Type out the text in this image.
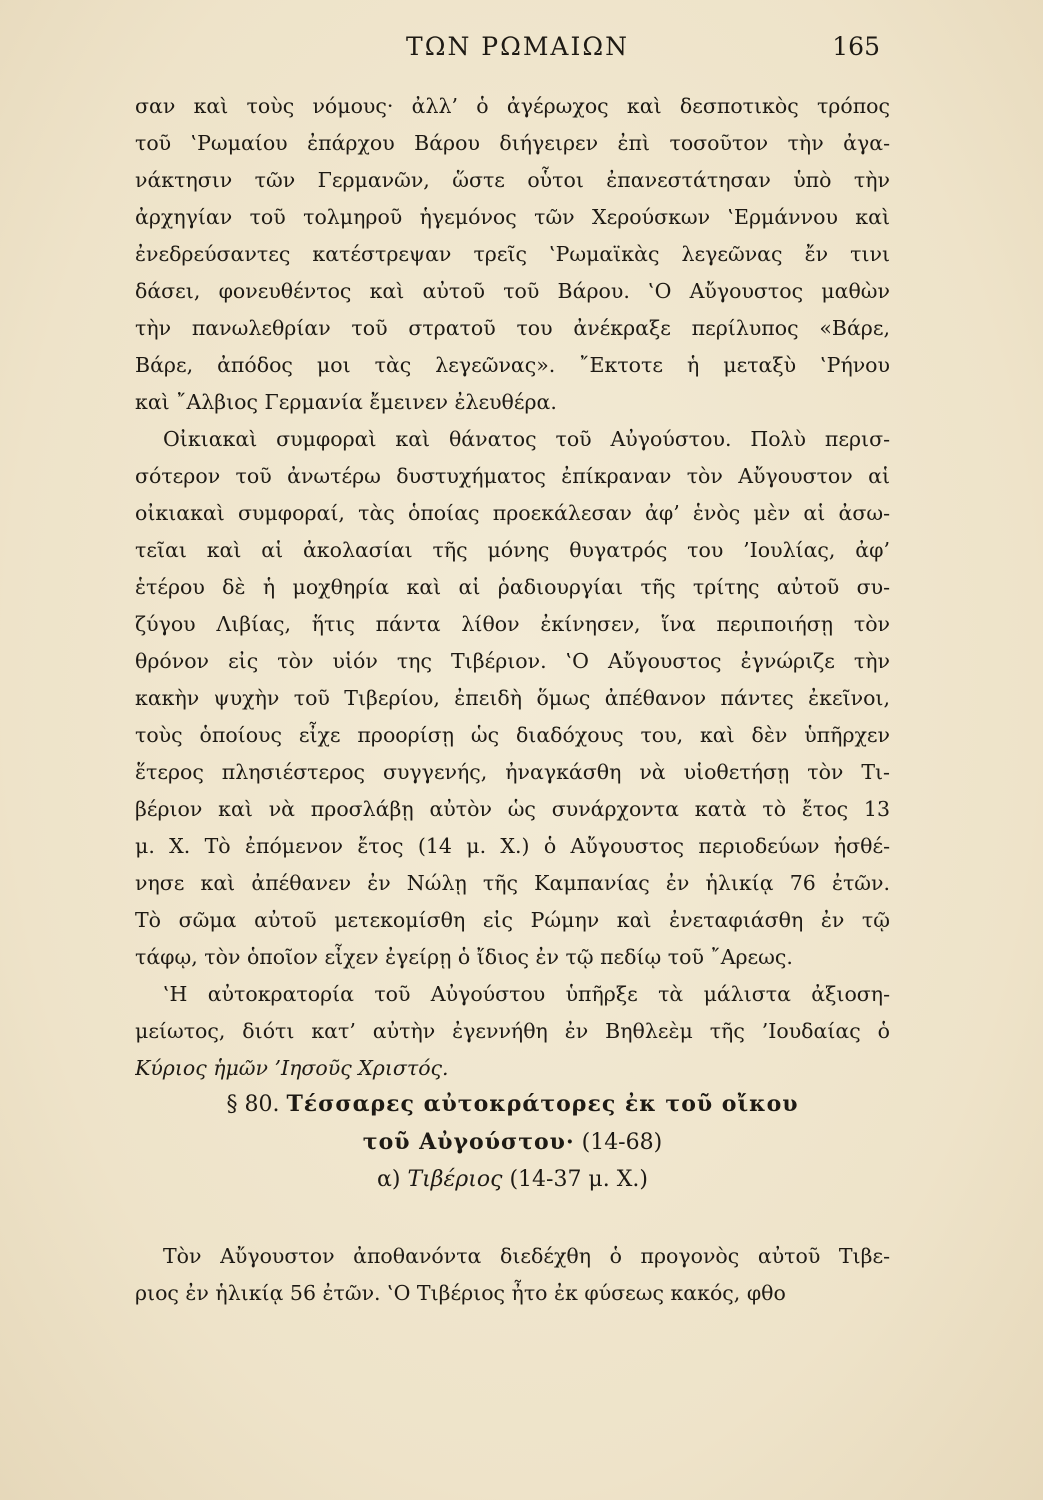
ΤΩΝ ΡΩΜΑΙΩΝ	165
σαν καὶ τοὺς νόμους· ἀλλ’ ὁ ἀγέρωχος καὶ δεσποτικὸς τρόπος
τοῦ ‛Ρωμαίου ἐπάρχου Βάρου διήγειρεν ἐπὶ τοσοῦτον τὴν ἀγα-
νάκτησιν τῶν Γερμανῶν, ὥστε οὗτοι ἐπανεστάτησαν ὑπὸ τὴν
ἀρχηγίαν τοῦ τολμηροῦ ἡγεμόνος τῶν Χερούσκων ‛Ερμάννου καὶ
ἐνεδρεύσαντες κατέστρεψαν τρεῖς ‛Ρωμαϊκὰς λεγεῶνας ἔν τινι
δάσει, φονευθέντος καὶ αὐτοῦ τοῦ Βάρου. ‛Ο Αὔγουστος μαθὼν
τὴν πανωλεθρίαν τοῦ στρατοῦ του ἀνέκραξε περίλυπος «Βάρε,
Βάρε, ἀπόδος μοι τὰς λεγεῶνας». ῎Εκτοτε ἡ μεταξὺ ‛Ρήνου
καὶ ῎Αλβιος Γερμανία ἔμεινεν ἐλευθέρα.
Οἰκιακαὶ συμφοραὶ καὶ θάνατος τοῦ Αὐγούστου. Πολὺ περισ-
σότερον τοῦ ἀνωτέρω δυστυχήματος ἐπίκραναν τὸν Αὔγουστον αἱ
οἰκιακαὶ συμφοραί, τὰς ὁποίας προεκάλεσαν ἀφ’ ἑνὸς μὲν αἱ ἀσω-
τεῖαι καὶ αἱ ἀκολασίαι τῆς μόνης θυγατρός του ’Ιουλίας, ἀφ’
ἑτέρου δὲ ἡ μοχθηρία καὶ αἱ ῥαδιουργίαι τῆς τρίτης αὐτοῦ συ-
ζύγου Λιβίας, ἥτις πάντα λίθον ἐκίνησεν, ἵνα περιποιήσῃ τὸν
θρόνον εἰς τὸν υἱόν της Τιβέριον. ‛Ο Αὔγουστος ἐγνώριζε τὴν
κακὴν ψυχὴν τοῦ Τιβερίου, ἐπειδὴ ὅμως ἀπέθανον πάντες ἐκεῖνοι,
τοὺς ὁποίους εἶχε προορίσῃ ὡς διαδόχους του, καὶ δὲν ὑπῆρχεν
ἕτερος πλησιέστερος συγγενής, ἠναγκάσθη νὰ υἱοθετήσῃ τὸν Τι-
βέριον καὶ νὰ προσλάβῃ αὐτὸν ὡς συνάρχοντα κατὰ τὸ ἔτος 13
μ. Χ. Τὸ ἐπόμενον ἔτος (14 μ. Χ.) ὁ Αὔγουστος περιοδεύων ἠσθέ-
νησε καὶ ἀπέθανεν ἐν Νώλῃ τῆς Καμπανίας ἐν ἡλικίᾳ 76 ἐτῶν.
Τὸ σῶμα αὐτοῦ μετεκομίσθη εἰς Ρώμην καὶ ἐνεταφιάσθη ἐν τῷ
τάφῳ, τὸν ὁποῖον εἶχεν ἐγείρῃ ὁ ἴδιος ἐν τῷ πεδίῳ τοῦ ῎Αρεως.
‛Η αὐτοκρατορία τοῦ Αὐγούστου ὑπῆρξε τὰ μάλιστα ἀξιοση-
μείωτος, διότι κατ’ αὐτὴν ἐγεννήθη ἐν Βηθλεὲμ τῆς ’Ιουδαίας ὁ
Κύριος ἡμῶν ’Ιησοῦς Χριστός.
§ 80. Τέσσαρες αὐτοκράτορες ἐκ τοῦ οἴκου
τοῦ Αὐγούστου· (14-68)
α) Τιβέριος (14-37 μ. Χ.)
Τὸν Αὔγουστον ἀποθανόντα διεδέχθη ὁ προγονὸς αὐτοῦ Τιβε-
ριος ἐν ἡλικίᾳ 56 ἐτῶν. ‛Ο Τιβέριος ἦτο ἐκ φύσεως κακός, φθο
